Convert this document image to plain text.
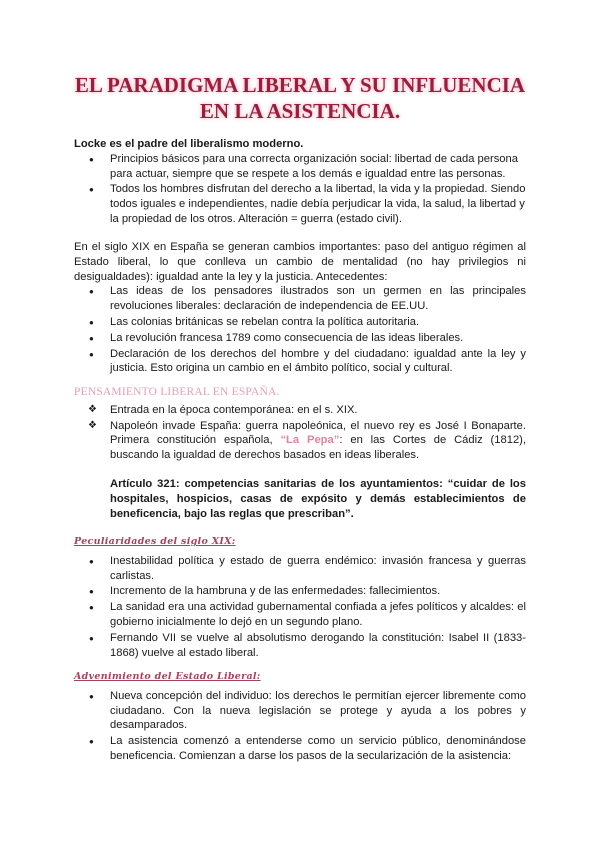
EL PARADIGMA LIBERAL Y SU INFLUENCIA EN LA ASISTENCIA.
Locke es el padre del liberalismo moderno.
● Principios básicos para una correcta organización social: libertad de cada persona para actuar, siempre que se respete a los demás e igualdad entre las personas.
● Todos los hombres disfrutan del derecho a la libertad, la vida y la propiedad. Siendo todos iguales e independientes, nadie debía perjudicar la vida, la salud, la libertad y la propiedad de los otros. Alteración = guerra (estado civil).
En el siglo XIX en España se generan cambios importantes: paso del antiguo régimen al Estado liberal, lo que conlleva un cambio de mentalidad (no hay privilegios ni desigualdades): igualdad ante la ley y la justicia. Antecedentes:
● Las ideas de los pensadores ilustrados son un germen en las principales revoluciones liberales: declaración de independencia de EE.UU.
● Las colonias británicas se rebelan contra la política autoritaria.
● La revolución francesa 1789 como consecuencia de las ideas liberales.
● Declaración de los derechos del hombre y del ciudadano: igualdad ante la ley y justicia. Esto origina un cambio en el ámbito político, social y cultural.
PENSAMIENTO LIBERAL EN ESPAÑA.
❖ Entrada en la época contemporánea: en el s. XIX.
❖ Napoleón invade España: guerra napoleónica, el nuevo rey es José I Bonaparte. Primera constitución española, “La Pepa”: en las Cortes de Cádiz (1812), buscando la igualdad de derechos basados en ideas liberales.
Artículo 321: competencias sanitarias de los ayuntamientos: “cuidar de los hospitales, hospicios, casas de expósito y demás establecimientos de beneficencia, bajo las reglas que prescriban”.
Peculiaridades del siglo XIX:
● Inestabilidad política y estado de guerra endémico: invasión francesa y guerras carlistas.
● Incremento de la hambruna y de las enfermedades: fallecimientos.
● La sanidad era una actividad gubernamental confiada a jefes políticos y alcaldes: el gobierno inicialmente lo dejó en un segundo plano.
● Fernando VII se vuelve al absolutismo derogando la constitución: Isabel II (1833-1868) vuelve al estado liberal.
Advenimiento del Estado Liberal:
● Nueva concepción del individuo: los derechos le permitían ejercer libremente como ciudadano. Con la nueva legislación se protege y ayuda a los pobres y desamparados.
● La asistencia comenzó a entenderse como un servicio público, denominándose beneficencia. Comienzan a darse los pasos de la secularización de la asistencia:
